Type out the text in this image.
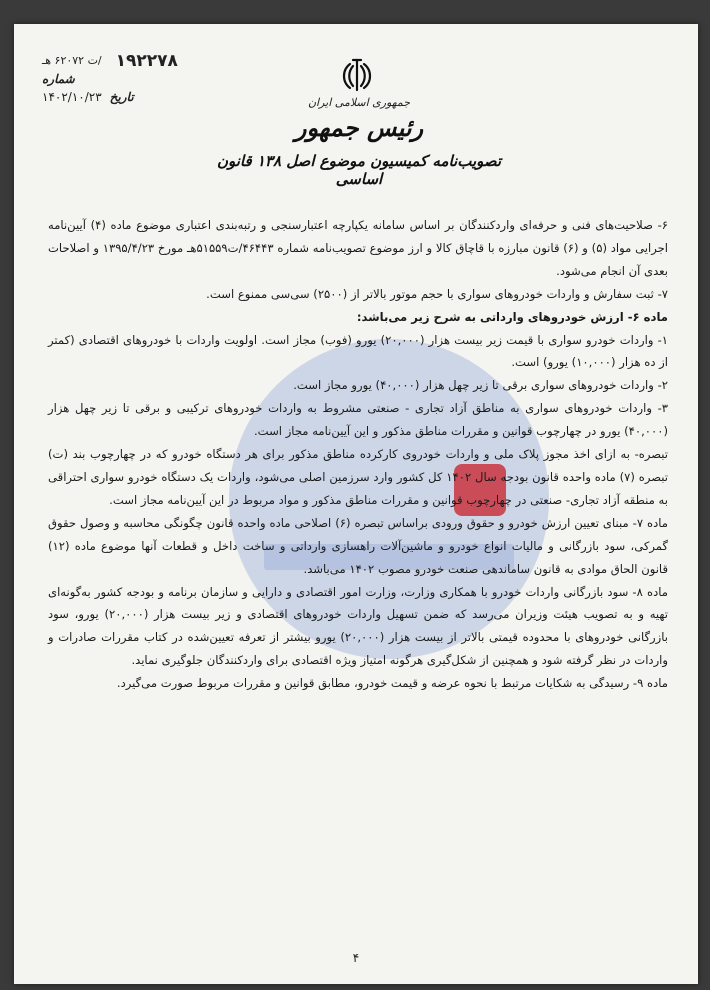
۱۹۲۲۷۸
/ت ۶۲۰۷۲ هـ
شماره
تاریخ
۱۴۰۲/۱۰/۲۳	جمهوری اسلامی ایران
رئیس جمهور
تصویب‌نامه کمیسیون موضوع اصل ۱۳۸ قانون اساسی

۶- صلاحیت‌های فنی و حرفه‌ای واردکنندگان بر اساس سامانه یکپارچه اعتبارسنجی و رتبه‌بندی اعتباری موضوع ماده (۴) آیین‌نامه اجرایی مواد (۵) و (۶) قانون مبارزه با قاچاق کالا و ارز موضوع تصویب‌نامه شماره ۴۶۴۴۳/ت۵۱۵۵۹هـ مورخ ۱۳۹۵/۴/۲۳ و اصلاحات بعدی آن انجام می‌شود.

۷- ثبت سفارش و واردات خودروهای سواری با حجم موتور بالاتر از (۲۵۰۰) سی‌سی ممنوع است.

ماده ۶- ارزش خودروهای وارداتی به شرح زیر می‌باشد:

۱- واردات خودرو سواری با قیمت زیر بیست هزار (۲۰,۰۰۰) یورو (فوب) مجاز است. اولویت واردات با خودروهای اقتصادی (کمتر از ده هزار (۱۰,۰۰۰) یورو) است.

۲- واردات خودروهای سواری برقی تا زیر چهل هزار (۴۰,۰۰۰) یورو مجاز است.

۳- واردات خودروهای سواری به مناطق آزاد تجاری - صنعتی مشروط به واردات خودروهای ترکیبی و برقی تا زیر چهل هزار (۴۰,۰۰۰) یورو در چهارچوب قوانین و مقررات مناطق مذکور و این آیین‌نامه مجاز است.

تبصره- به ازای اخذ مجوز پلاک ملی و واردات خودروی کارکرده مناطق مذکور برای هر دستگاه خودرو که در چهارچوب بند (ت) تبصره (۷) ماده واحده قانون بودجه سال ۱۴۰۲ کل کشور وارد سرزمین اصلی می‌شود، واردات یک دستگاه خودرو سواری احتراقی به منطقه آزاد تجاری- صنعتی در چهارچوب قوانین و مقررات مناطق مذکور و مواد مربوط در این آیین‌نامه مجاز است.

ماده ۷- مبنای تعیین ارزش خودرو و حقوق ورودی براساس تبصره (۶) اصلاحی ماده واحده قانون چگونگی محاسبه و وصول حقوق گمرکی، سود بازرگانی و مالیات انواع خودرو و ماشین‌آلات راهسازی وارداتی و ساخت داخل و قطعات آنها موضوع ماده (۱۲) قانون الحاق موادی به قانون ساماندهی صنعت خودرو مصوب ۱۴۰۲ می‌باشد.

ماده ۸- سود بازرگانی واردات خودرو با همکاری وزارت، وزارت امور اقتصادی و دارایی و سازمان برنامه و بودجه کشور به‌گونه‌ای تهیه و به تصویب هیئت وزیران می‌رسد که ضمن تسهیل واردات خودروهای اقتصادی و زیر بیست هزار (۲۰,۰۰۰) یورو، سود بازرگانی خودروهای با محدوده قیمتی بالاتر از بیست هزار (۲۰,۰۰۰) یورو بیشتر از تعرفه تعیین‌شده در کتاب مقررات صادرات و واردات در نظر گرفته شود و همچنین از شکل‌گیری هرگونه امتیاز ویژه اقتصادی برای واردکنندگان جلوگیری نماید.

ماده ۹- رسیدگی به شکایات مرتبط با نحوه عرضه و قیمت خودرو، مطابق قوانین و مقررات مربوط صورت می‌گیرد.

۴
